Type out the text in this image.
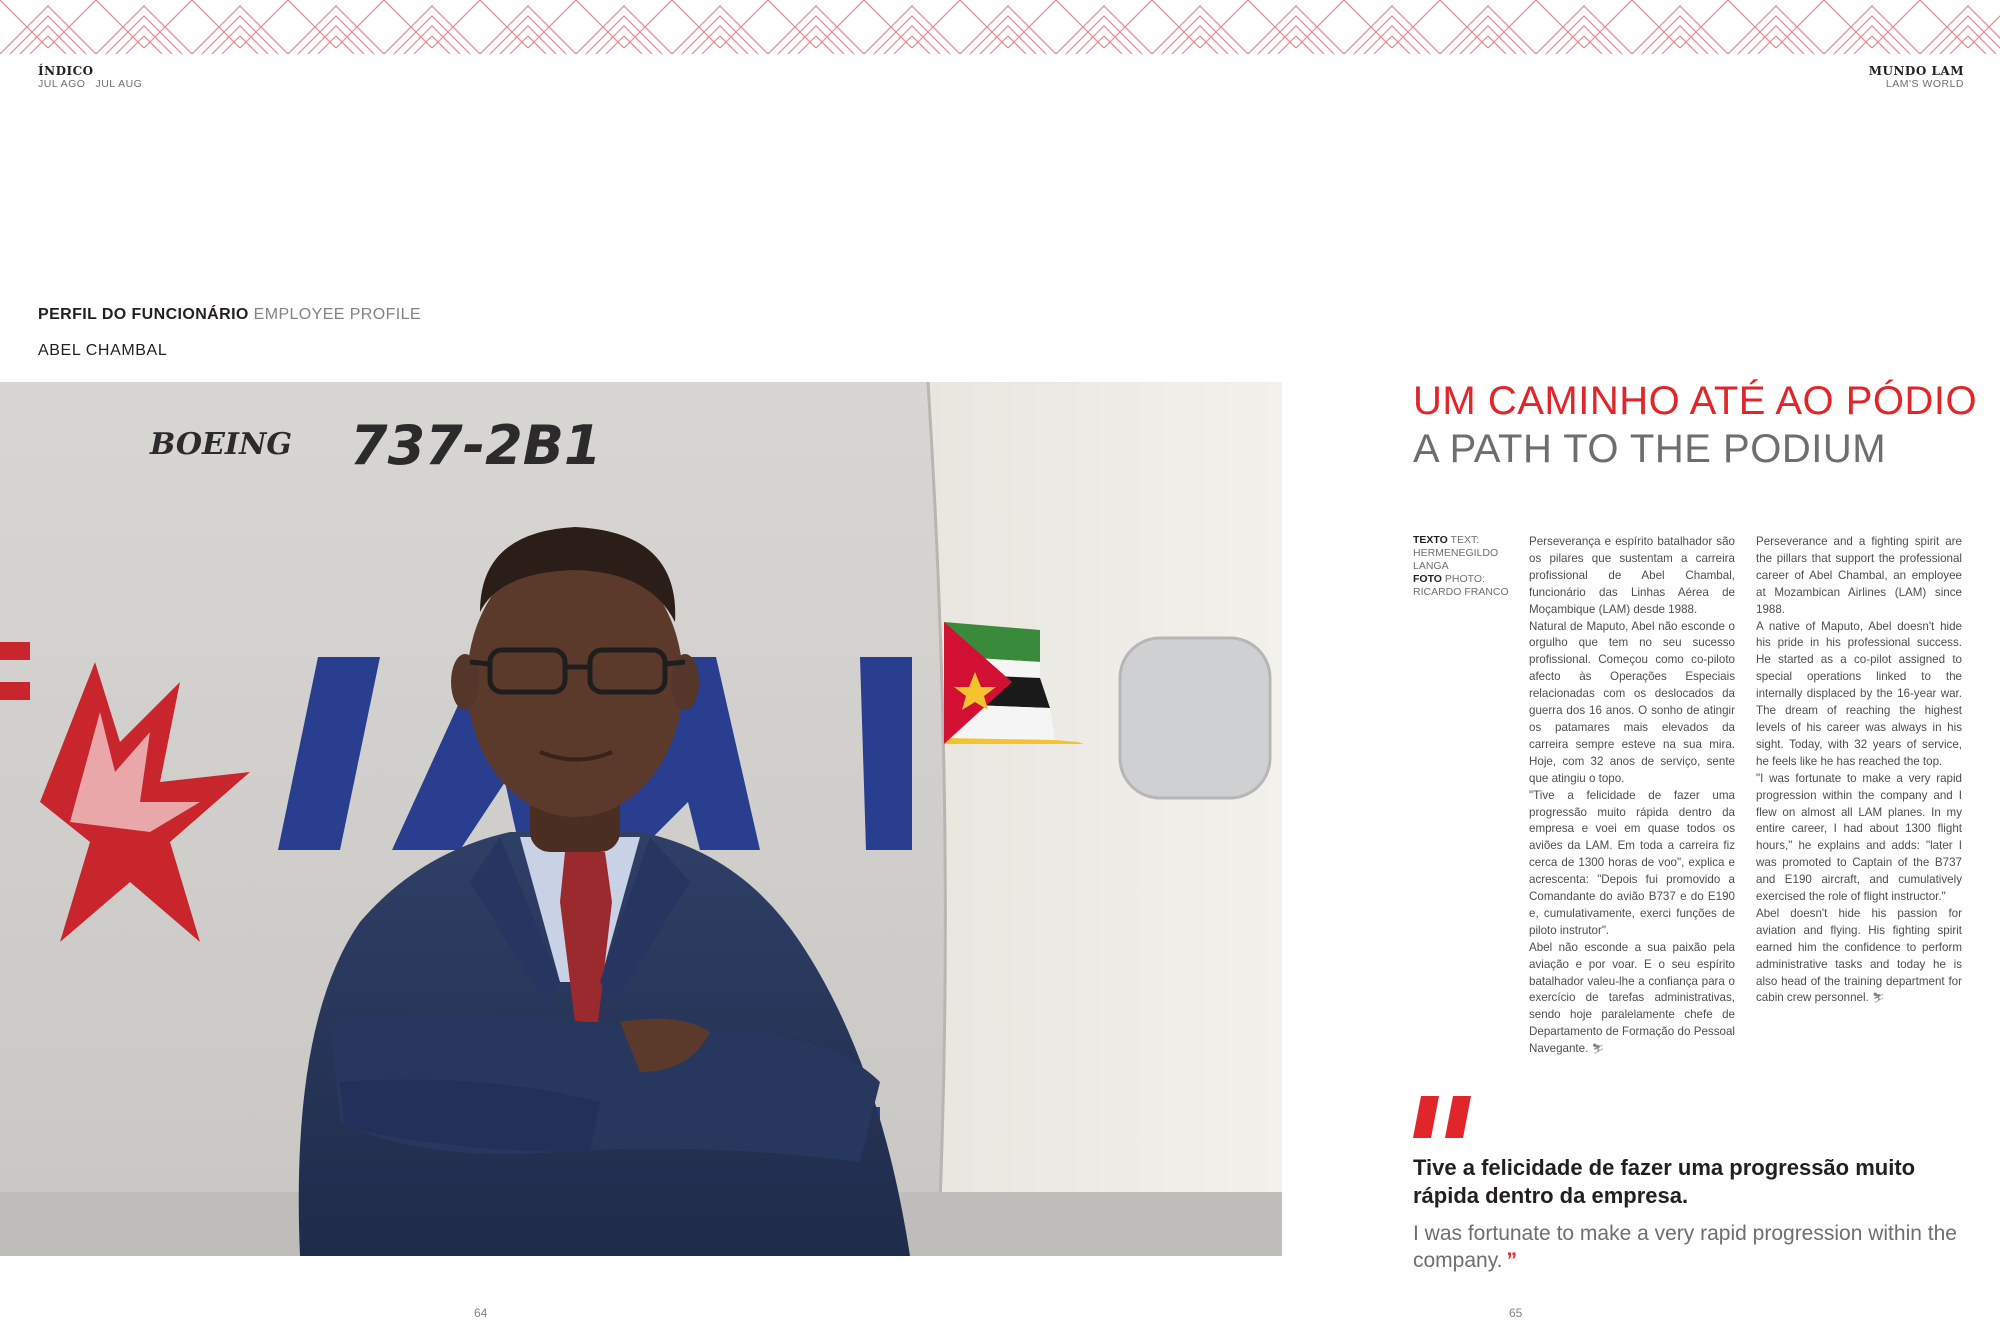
ÍNDICO
JUL AGO JUL AUG
MUNDO LAM
LAM'S WORLD
PERFIL DO FUNCIONÁRIO EMPLOYEE PROFILE
ABEL CHAMBAL
BOEING 737-2B1
UM CAMINHO ATÉ AO PÓDIO
A PATH TO THE PODIUM
TEXTO TEXT:
HERMENEGILDO LANGA
FOTO PHOTO:
RICARDO FRANCO

Perseverança e espírito batalhador são os pilares que sustentam a carreira profissional de Abel Chambal, funcionário das Linhas Aérea de Moçambique (LAM) desde 1988.

Natural de Maputo, Abel não esconde o orgulho que tem no seu sucesso profissional. Começou como co-piloto afecto às Operações Especiais relacionadas com os deslocados da guerra dos 16 anos. O sonho de atingir os patamares mais elevados da carreira sempre esteve na sua mira. Hoje, com 32 anos de serviço, sente que atingiu o topo.

"Tive a felicidade de fazer uma progressão muito rápida dentro da empresa e voei em quase todos os aviões da LAM. Em toda a carreira fiz cerca de 1300 horas de voo", explica e acrescenta: "Depois fui promovido a Comandante do avião B737 e do E190 e, cumulativamente, exerci funções de piloto instrutor".

Abel não esconde a sua paixão pela aviação e por voar. E o seu espírito batalhador valeu-lhe a confiança para o exercício de tarefas administrativas, sendo hoje paralelamente chefe de Departamento de Formação do Pessoal Navegante. ⛷

Perseverance and a fighting spirit are the pillars that support the professional career of Abel Chambal, an employee at Mozambican Airlines (LAM) since 1988.

A native of Maputo, Abel doesn't hide his pride in his professional success. He started as a co-pilot assigned to special operations linked to the internally displaced by the 16-year war. The dream of reaching the highest levels of his career was always in his sight. Today, with 32 years of service, he feels like he has reached the top.

"I was fortunate to make a very rapid progression within the company and I flew on almost all LAM planes. In my entire career, I had about 1300 flight hours," he explains and adds: "later I was promoted to Captain of the B737 and E190 aircraft, and cumulatively exercised the role of flight instructor."

Abel doesn't hide his passion for aviation and flying. His fighting spirit earned him the confidence to perform administrative tasks and today he is also head of the training department for cabin crew personnel. ⛷

Tive a felicidade de fazer uma progressão muito rápida dentro da empresa.
I was fortunate to make a very rapid progression within the company. ”
64	65
